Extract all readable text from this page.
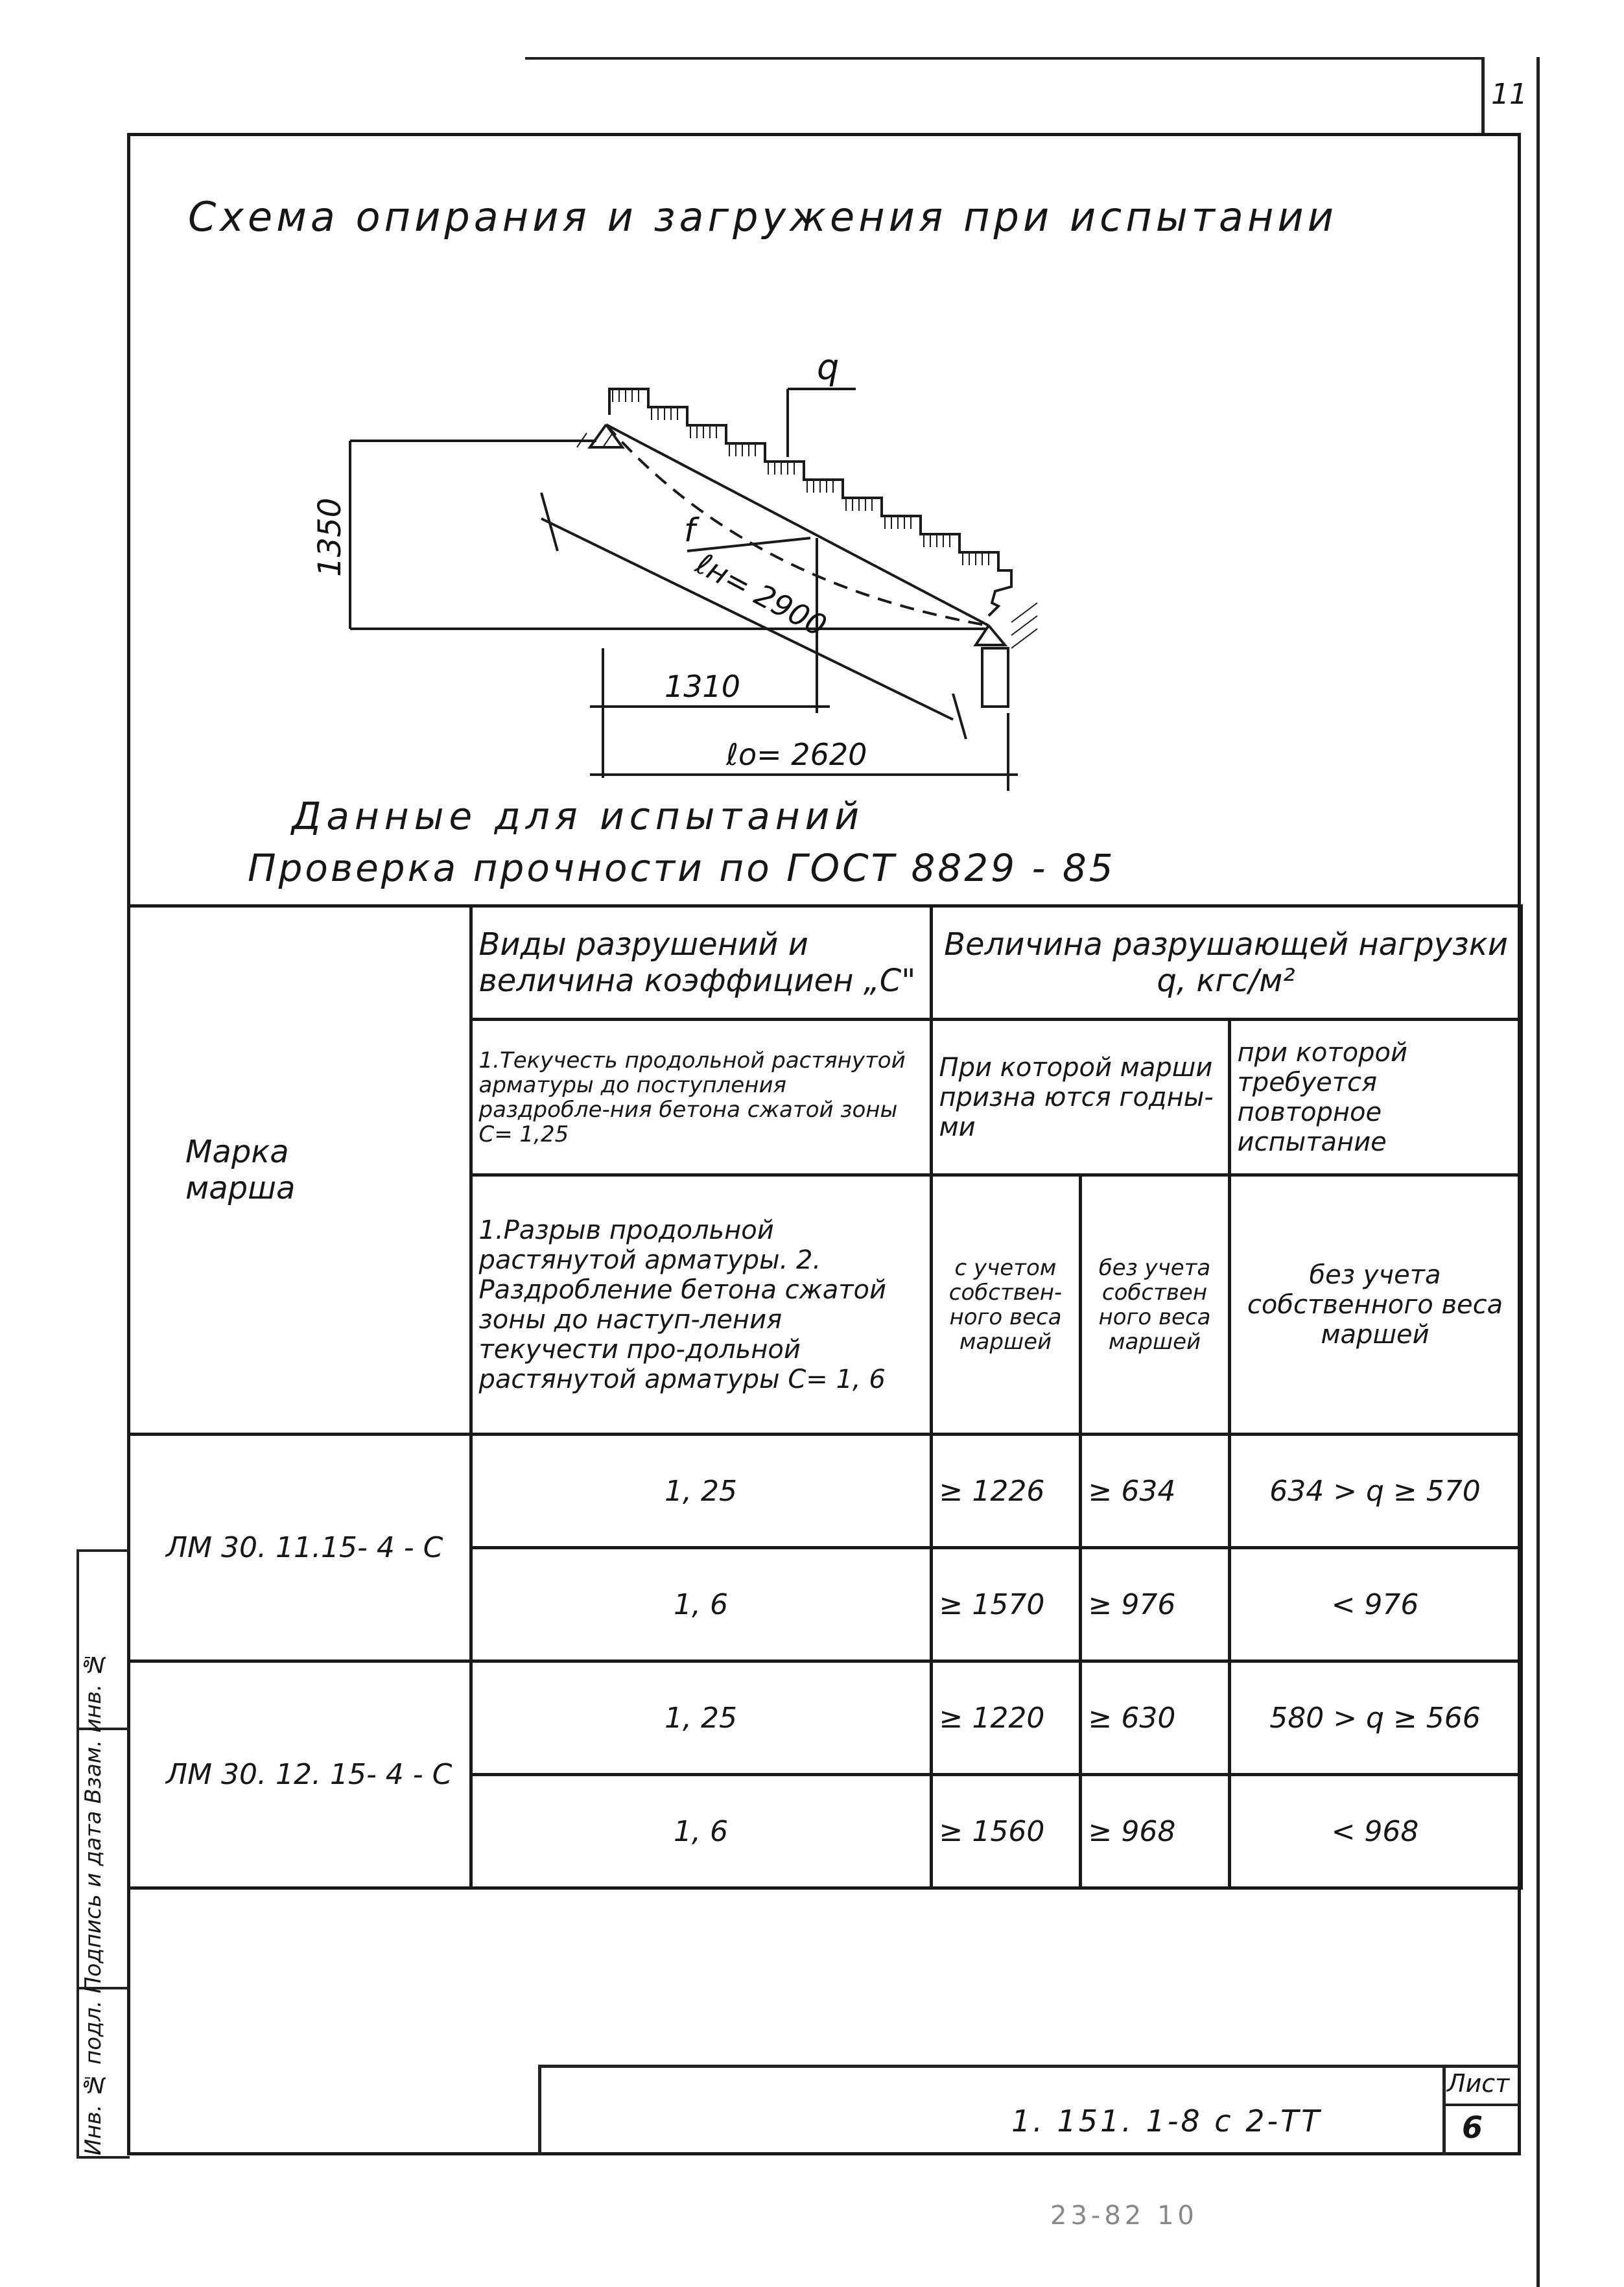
11
Инв. № подл. Подпись и дата Взам. инв. №
Схема опирания и загружения при испытании
q
1350	f
ℓн= 2900
1310
ℓo= 2620
Данные для испытаний
Проверка прочности по ГОСТ 8829 - 85
Марка
марша	Виды разрушений и величина коэффициен „С"	Величина разрушающей нагрузки q, кгс/м²		
	1.Текучесть продольной растянутой арматуры до поступления раздробле-ния бетона сжатой зоны С= 1,25	При которой марши призна ются годны-ми		при которой требуется повторное испытание
	1.Разрыв продольной растянутой арматуры. 2. Раздробление бетона сжатой зоны до наступ-ления текучести про-дольной растянутой арматуры С= 1, 6	с учетом собствен-ного веса маршей	без учета собствен ного веса маршей	без учета собственного веса маршей
ЛМ 30. 11.15- 4 - С	1, 25	≥ 1226	≥ 634	634 > q ≥ 570
	1, 6	≥ 1570	≥ 976	< 976
ЛМ 30. 12. 15- 4 - С	1, 25	≥ 1220	≥ 630	580 > q ≥ 566
	1, 6	≥ 1560	≥ 968	< 968
1. 151. 1-8 с 2-ТТ
Лист
6
23-82 10
